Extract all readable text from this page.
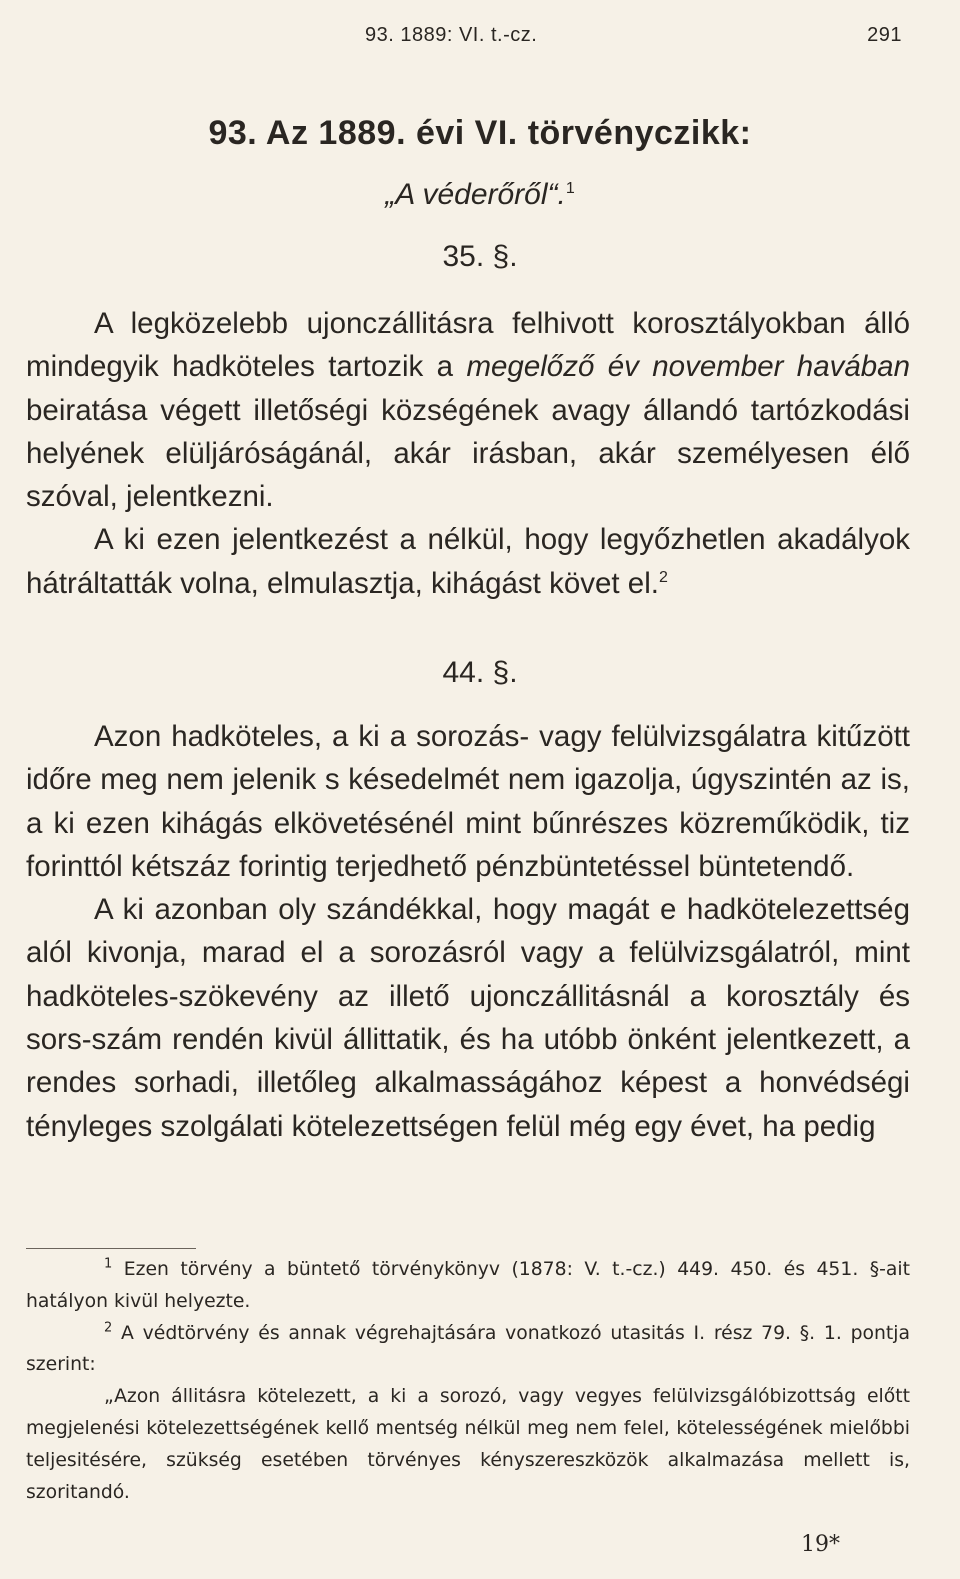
93. 1889: VI. t.-cz.	291
93. Az 1889. évi VI. törvényczikk:
„A véderőről“.$^1$
35. §.

A legközelebb ujonczállitásra felhivott korosztályokban álló mindegyik hadköteles tartozik a megelőző év november havában beiratása végett illetőségi községének avagy állandó tartózkodási helyének elüljáróságánál, akár irásban, akár személyesen élő szóval, jelentkezni.

A ki ezen jelentkezést a nélkül, hogy legyőzhetlen akadályok hátráltatták volna, elmulasztja, kihágást követ el.$^2$

44. §.

Azon hadköteles, a ki a sorozás- vagy felülvizsgálatra kitűzött időre meg nem jelenik s késedelmét nem igazolja, úgyszintén az is, a ki ezen kihágás elkövetésénél mint bűnrészes közreműködik, tiz forinttól kétszáz forintig terjedhető pénzbüntetéssel büntetendő.

A ki azonban oly szándékkal, hogy magát e hadkötelezettség alól kivonja, marad el a sorozásról vagy a felülvizsgálatról, mint hadköteles-szökevény az illető ujonczállitásnál a korosztály és sors-szám rendén kivül állittatik, és ha utóbb önként jelentkezett, a rendes sorhadi, illetőleg alkalmasságához képest a honvédségi tényleges szolgálati kötelezettségen felül még egy évet, ha pedig

$^1$ Ezen törvény a büntető törvénykönyv (1878: V. t.-cz.) 449. 450. és 451. §-ait hatályon kivül helyezte.

$^2$ A védtörvény és annak végrehajtására vonatkozó utasitás I. rész 79. §. 1. pontja szerint:

„Azon állitásra kötelezett, a ki a sorozó, vagy vegyes felülvizsgálóbizottság előtt megjelenési kötelezettségének kellő mentség nélkül meg nem felel, kötelességének mielőbbi teljesitésére, szükség esetében törvényes kényszereszközök alkalmazása mellett is, szoritandó.

19*
